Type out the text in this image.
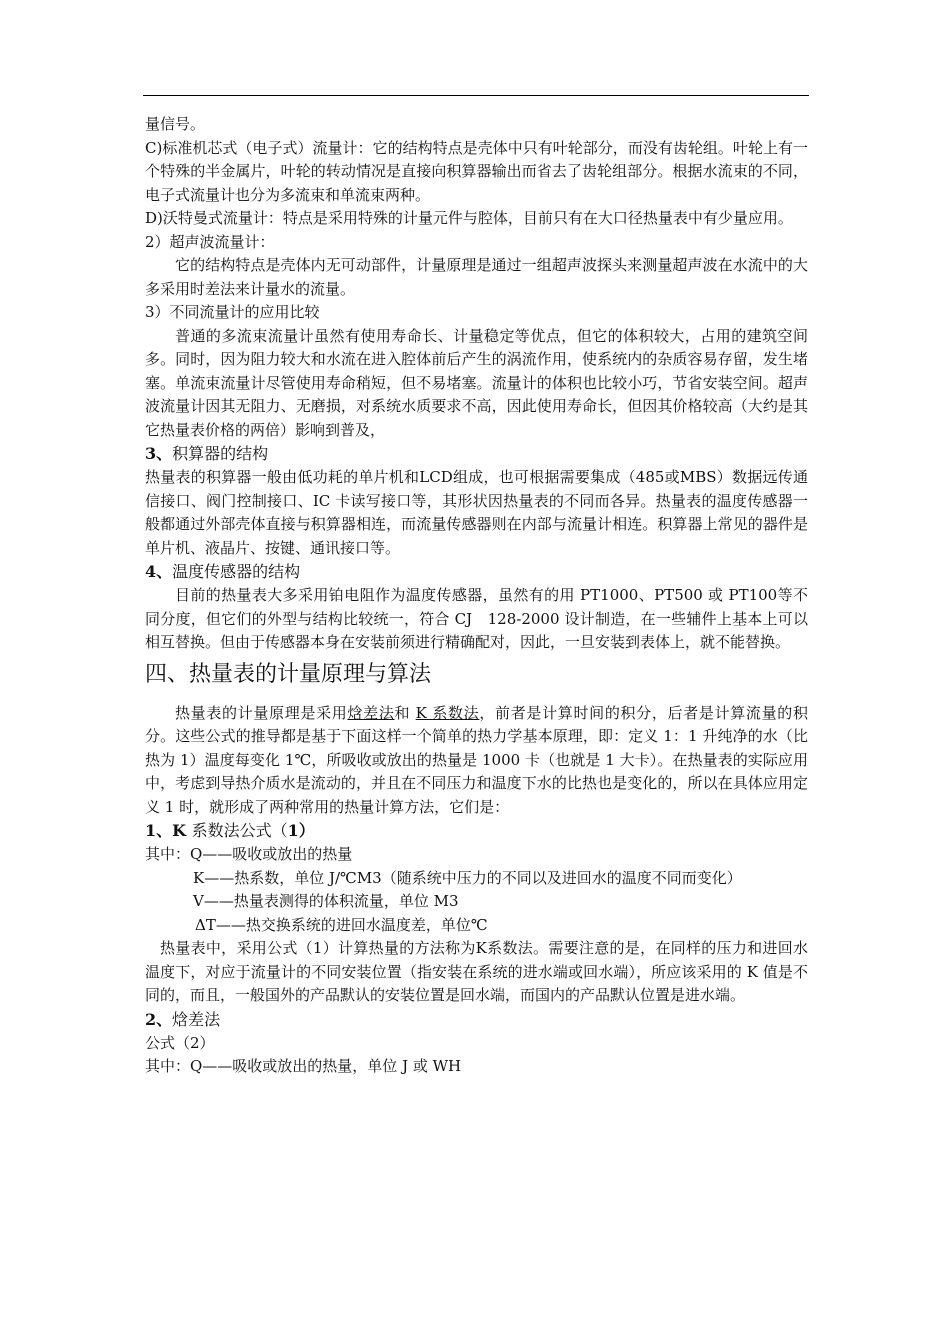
量信号。

C)标准机芯式（电子式）流量计：它的结构特点是壳体中只有叶轮部分，而没有齿轮组。叶轮上有一个特殊的半金属片，叶轮的转动情况是直接向积算器输出而省去了齿轮组部分。根据水流束的不同，电子式流量计也分为多流束和单流束两种。

D)沃特曼式流量计：特点是采用特殊的计量元件与腔体，目前只有在大口径热量表中有少量应用。

2）超声波流量计：

它的结构特点是壳体内无可动部件，计量原理是通过一组超声波探头来测量超声波在水流中的大多采用时差法来计量水的流量。

3）不同流量计的应用比较

普通的多流束流量计虽然有使用寿命长、计量稳定等优点，但它的体积较大，占用的建筑空间多。同时，因为阻力较大和水流在进入腔体前后产生的涡流作用，使系统内的杂质容易存留，发生堵塞。单流束流量计尽管使用寿命稍短，但不易堵塞。流量计的体积也比较小巧，节省安装空间。超声波流量计因其无阻力、无磨损，对系统水质要求不高，因此使用寿命长，但因其价格较高（大约是其它热量表价格的两倍）影响到普及，

3、积算器的结构

热量表的积算器一般由低功耗的单片机和LCD组成，也可根据需要集成（485或MBS）数据远传通信接口、阀门控制接口、IC 卡读写接口等，其形状因热量表的不同而各异。热量表的温度传感器一般都通过外部壳体直接与积算器相连，而流量传感器则在内部与流量计相连。积算器上常见的器件是单片机、液晶片、按键、通讯接口等。

4、温度传感器的结构

目前的热量表大多采用铂电阻作为温度传感器，虽然有的用 PT1000、PT500 或 PT100等不同分度，但它们的外型与结构比较统一，符合 CJ　128-2000 设计制造，在一些辅件上基本上可以相互替换。但由于传感器本身在安装前须进行精确配对，因此，一旦安装到表体上，就不能替换。

四、热量表的计量原理与算法

热量表的计量原理是采用焓差法和 K 系数法，前者是计算时间的积分，后者是计算流量的积分。这些公式的推导都是基于下面这样一个简单的热力学基本原理，即：定义 1：1 升纯净的水（比热为 1）温度每变化 1℃，所吸收或放出的热量是 1000 卡（也就是 1 大卡）。在热量表的实际应用中，考虑到导热介质水是流动的，并且在不同压力和温度下水的比热也是变化的，所以在具体应用定义 1 时，就形成了两种常用的热量计算方法，它们是：

1、K 系数法公式（1）

其中：Q——吸收或放出的热量

K——热系数，单位 J/℃M3（随系统中压力的不同以及进回水的温度不同而变化）

V——热量表测得的体积流量，单位 M3

ΔT——热交换系统的进回水温度差，单位℃

热量表中，采用公式（1）计算热量的方法称为K系数法。需要注意的是，在同样的压力和进回水温度下，对应于流量计的不同安装位置（指安装在系统的进水端或回水端），所应该采用的 K 值是不同的，而且，一般国外的产品默认的安装位置是回水端，而国内的产品默认位置是进水端。

2、焓差法

公式（2）

其中：Q——吸收或放出的热量，单位 J 或 WH
